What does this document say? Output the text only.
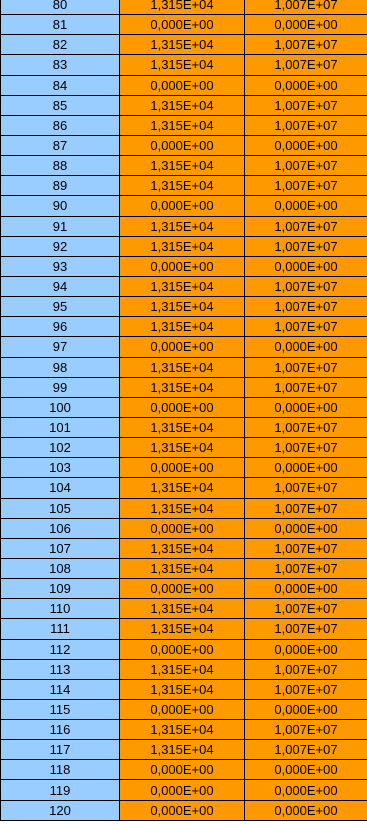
80	1,315E+04	1,007E+07
81	0,000E+00	0,000E+00
82	1,315E+04	1,007E+07
83	1,315E+04	1,007E+07
84	0,000E+00	0,000E+00
85	1,315E+04	1,007E+07
86	1,315E+04	1,007E+07
87	0,000E+00	0,000E+00
88	1,315E+04	1,007E+07
89	1,315E+04	1,007E+07
90	0,000E+00	0,000E+00
91	1,315E+04	1,007E+07
92	1,315E+04	1,007E+07
93	0,000E+00	0,000E+00
94	1,315E+04	1,007E+07
95	1,315E+04	1,007E+07
96	1,315E+04	1,007E+07
97	0,000E+00	0,000E+00
98	1,315E+04	1,007E+07
99	1,315E+04	1,007E+07
100	0,000E+00	0,000E+00
101	1,315E+04	1,007E+07
102	1,315E+04	1,007E+07
103	0,000E+00	0,000E+00
104	1,315E+04	1,007E+07
105	1,315E+04	1,007E+07
106	0,000E+00	0,000E+00
107	1,315E+04	1,007E+07
108	1,315E+04	1,007E+07
109	0,000E+00	0,000E+00
110	1,315E+04	1,007E+07
111	1,315E+04	1,007E+07
112	0,000E+00	0,000E+00
113	1,315E+04	1,007E+07
114	1,315E+04	1,007E+07
115	0,000E+00	0,000E+00
116	1,315E+04	1,007E+07
117	1,315E+04	1,007E+07
118	0,000E+00	0,000E+00
119	0,000E+00	0,000E+00
120	0,000E+00	0,000E+00
